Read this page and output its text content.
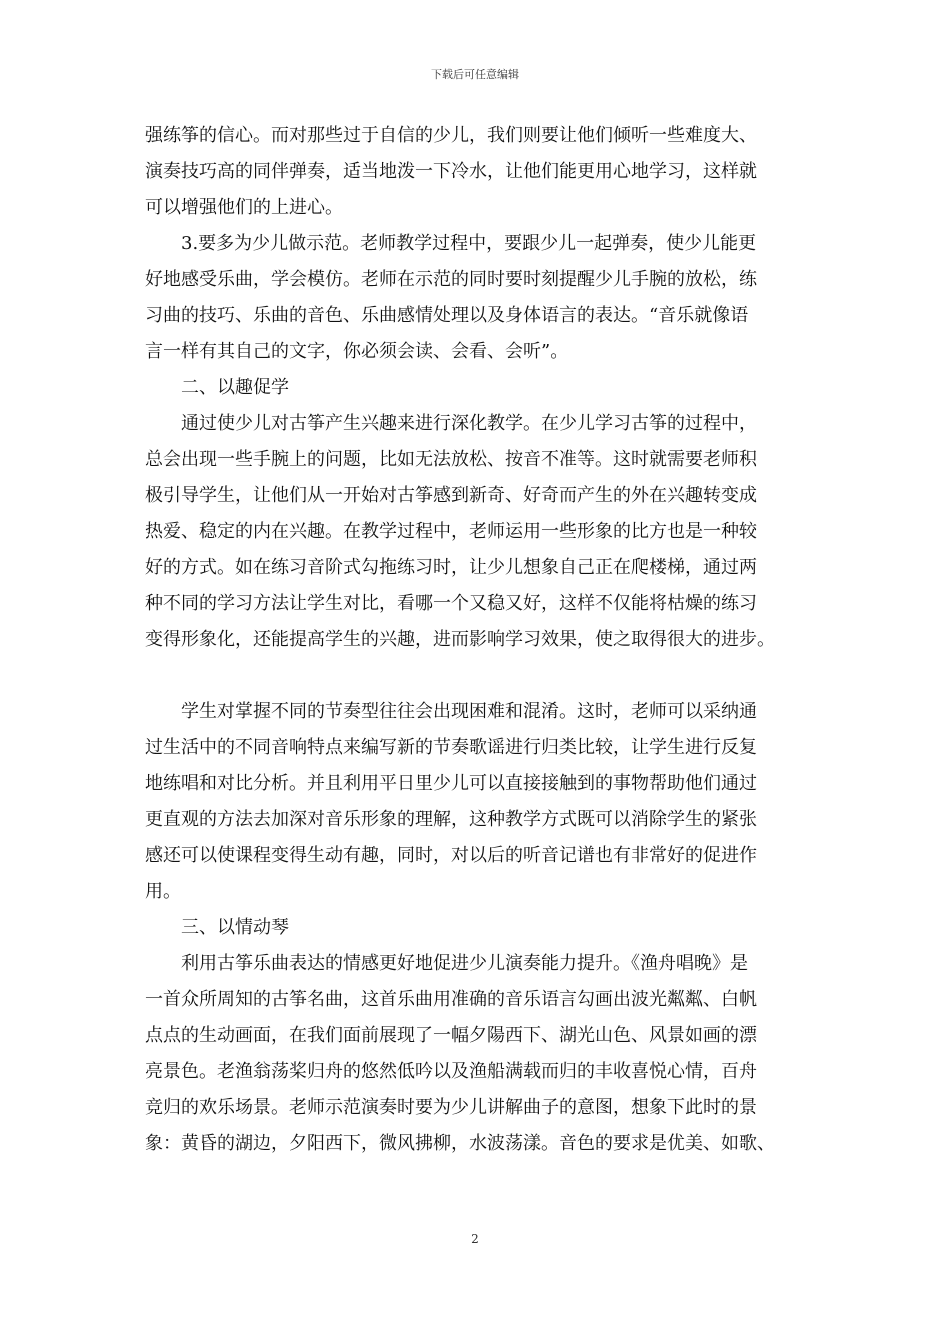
下载后可任意编辑
强练筝的信心。而对那些过于自信的少儿，我们则要让他们倾听一些难度大、
演奏技巧高的同伴弹奏，适当地泼一下冷水，让他们能更用心地学习，这样就
可以增强他们的上进心。
3.要多为少儿做示范。老师教学过程中，要跟少儿一起弹奏，使少儿能更
好地感受乐曲，学会模仿。老师在示范的同时要时刻提醒少儿手腕的放松，练
习曲的技巧、乐曲的音色、乐曲感情处理以及身体语言的表达。“音乐就像语
言一样有其自己的文字，你必须会读、会看、会听”。
二、以趣促学
通过使少儿对古筝产生兴趣来进行深化教学。在少儿学习古筝的过程中，
总会出现一些手腕上的问题，比如无法放松、按音不准等。这时就需要老师积
极引导学生，让他们从一开始对古筝感到新奇、好奇而产生的外在兴趣转变成
热爱、稳定的内在兴趣。在教学过程中，老师运用一些形象的比方也是一种较
好的方式。如在练习音阶式勾拖练习时，让少儿想象自己正在爬楼梯，通过两
种不同的学习方法让学生对比，看哪一个又稳又好，这样不仅能将枯燥的练习
变得形象化，还能提高学生的兴趣，进而影响学习效果，使之取得很大的进步。
学生对掌握不同的节奏型往往会出现困难和混淆。这时，老师可以采纳通
过生活中的不同音响特点来编写新的节奏歌谣进行归类比较，让学生进行反复
地练唱和对比分析。并且利用平日里少儿可以直接接触到的事物帮助他们通过
更直观的方法去加深对音乐形象的理解，这种教学方式既可以消除学生的紧张
感还可以使课程变得生动有趣，同时，对以后的听音记谱也有非常好的促进作
用。
三、以情动琴
利用古筝乐曲表达的情感更好地促进少儿演奏能力提升。《渔舟唱晚》是
一首众所周知的古筝名曲，这首乐曲用准确的音乐语言勾画出波光粼粼、白帆
点点的生动画面，在我们面前展现了一幅夕陽西下、湖光山色、风景如画的漂
亮景色。老渔翁荡桨归舟的悠然低吟以及渔船满载而归的丰收喜悦心情，百舟
竞归的欢乐场景。老师示范演奏时要为少儿讲解曲子的意图，想象下此时的景
象：黄昏的湖边，夕阳西下，微风拂柳，水波荡漾。音色的要求是优美、如歌、
2
